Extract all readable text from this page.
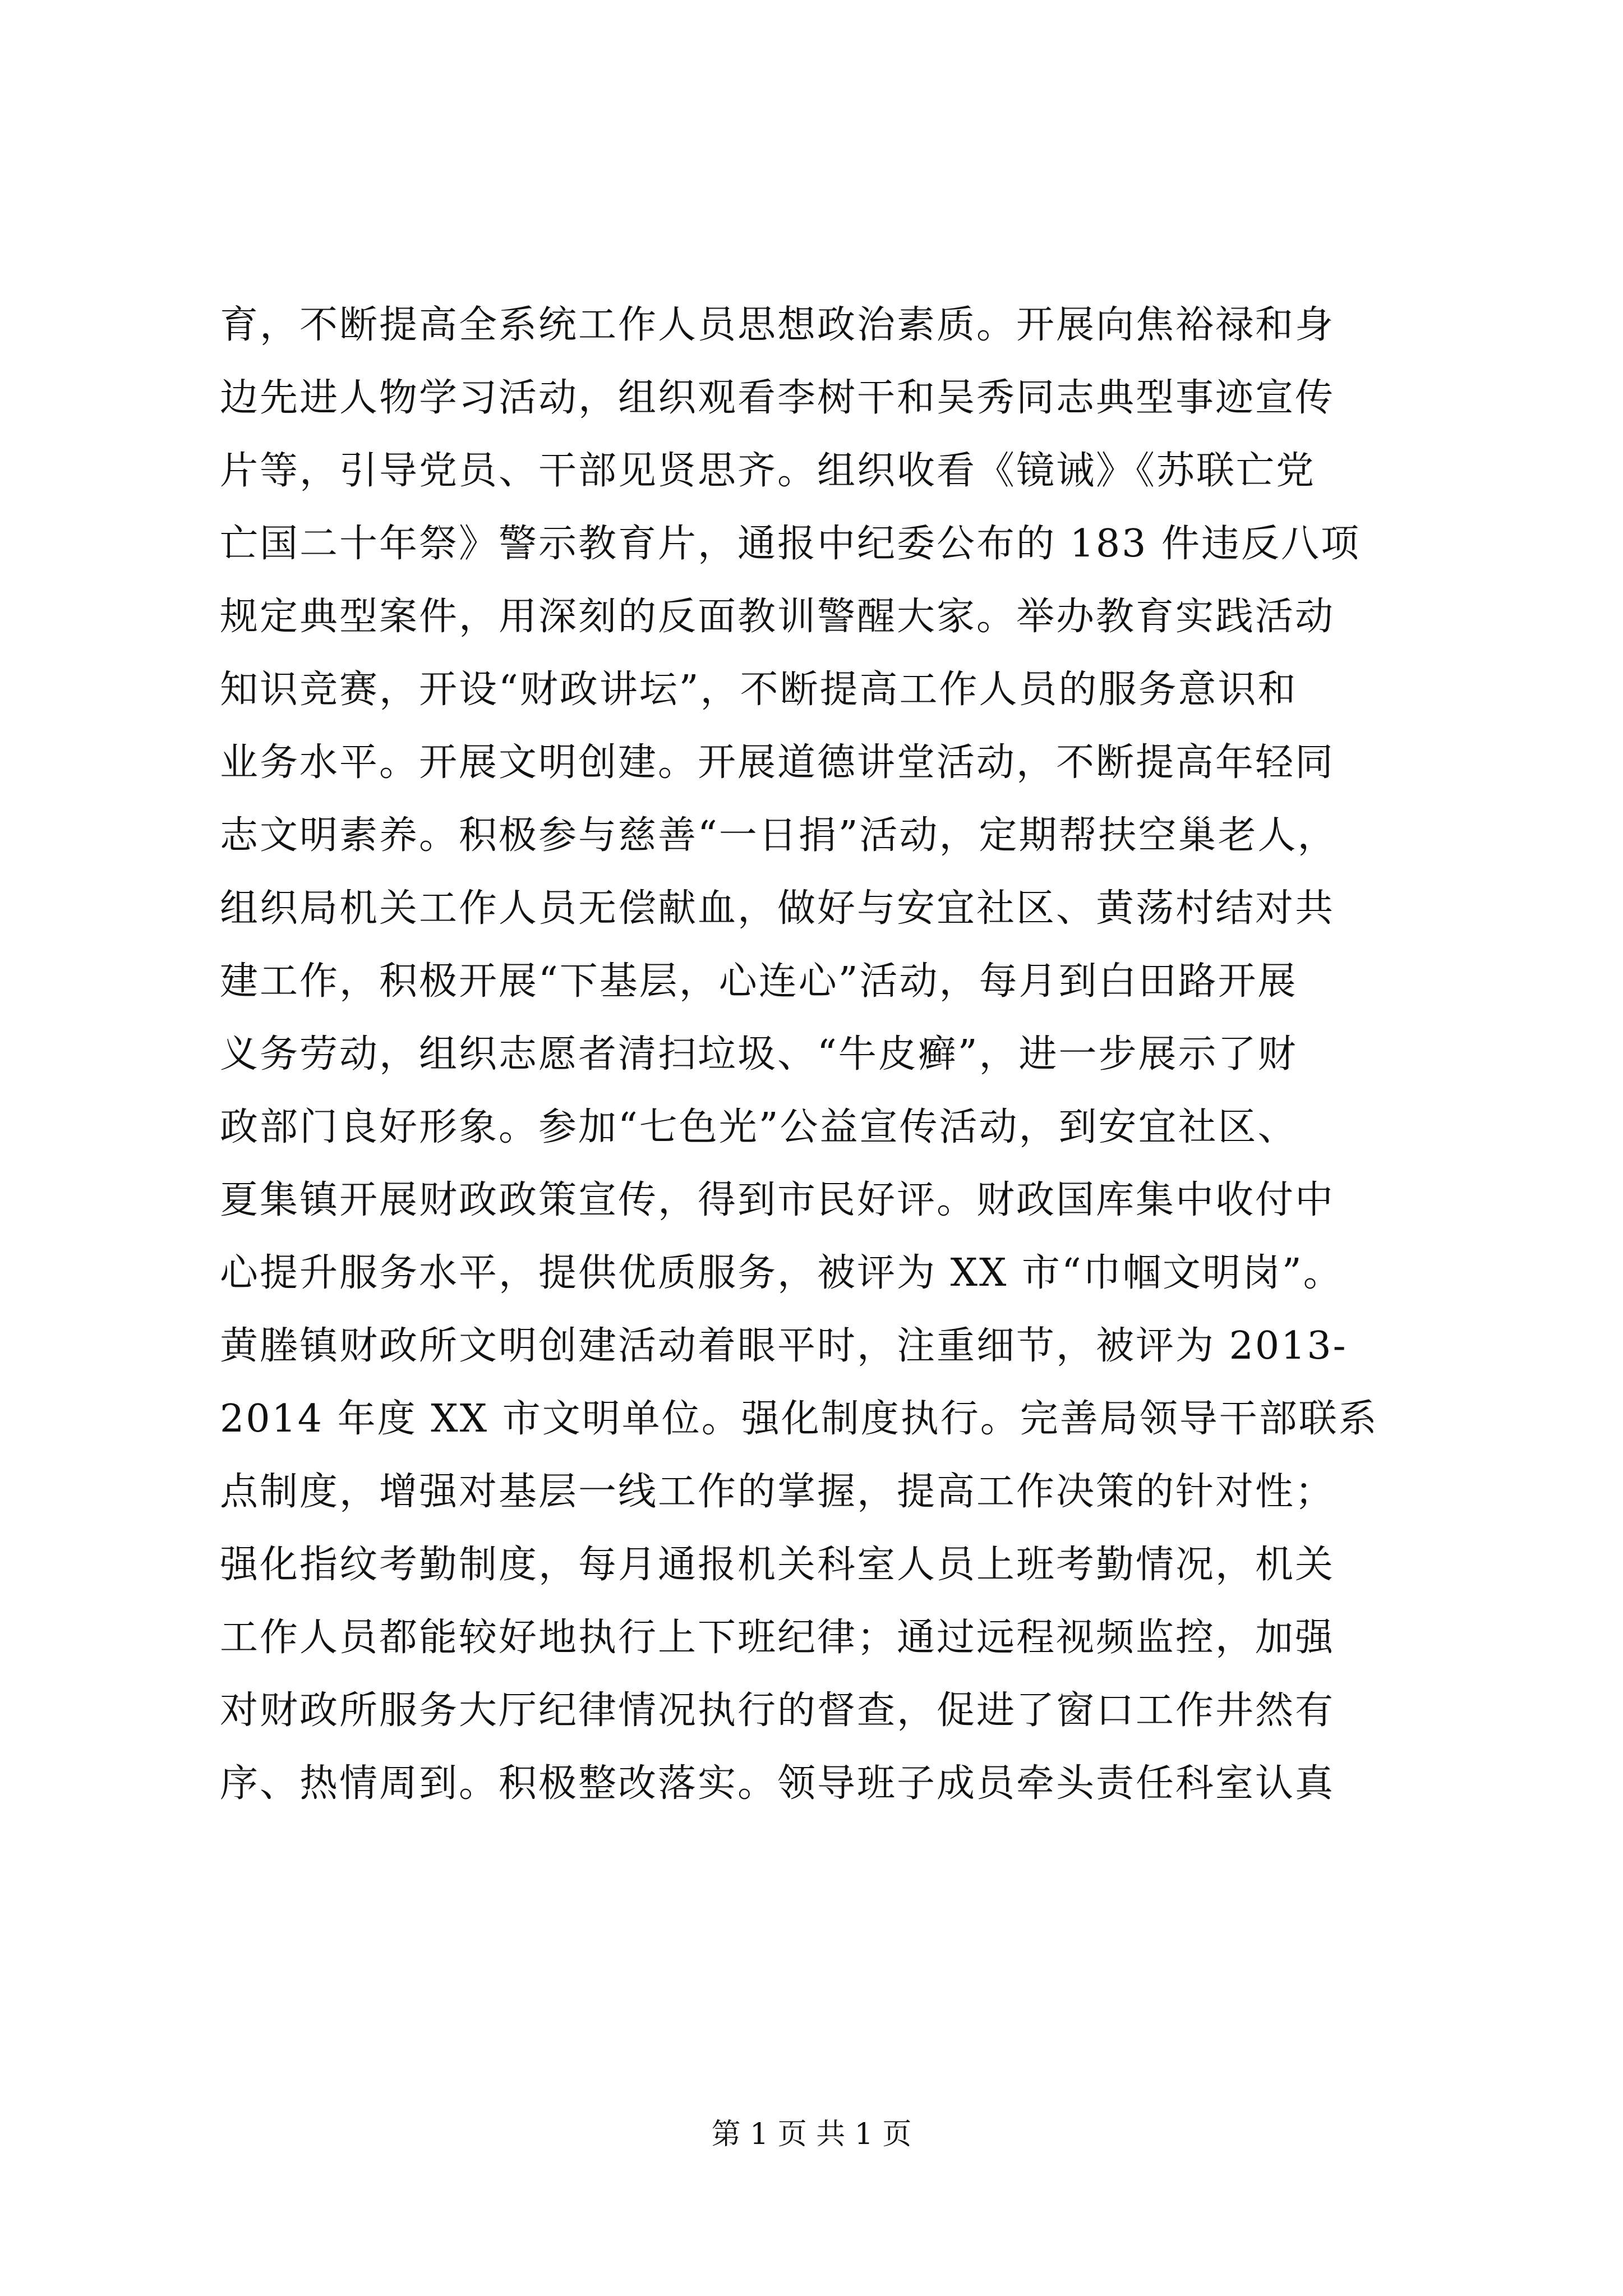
育，不断提高全系统工作人员思想政治素质。开展向焦裕禄和身
边先进人物学习活动，组织观看李树干和吴秀同志典型事迹宣传
片等，引导党员、干部见贤思齐。组织收看《镜诫》《苏联亡党
亡国二十年祭》警示教育片，通报中纪委公布的 183 件违反八项
规定典型案件，用深刻的反面教训警醒大家。举办教育实践活动
知识竞赛，开设“财政讲坛”，不断提高工作人员的服务意识和
业务水平。开展文明创建。开展道德讲堂活动，不断提高年轻同
志文明素养。积极参与慈善“一日捐”活动，定期帮扶空巢老人，
组织局机关工作人员无偿献血，做好与安宜社区、黄荡村结对共
建工作，积极开展“下基层，心连心”活动，每月到白田路开展
义务劳动，组织志愿者清扫垃圾、“牛皮癣”，进一步展示了财
政部门良好形象。参加“七色光”公益宣传活动，到安宜社区、
夏集镇开展财政政策宣传，得到市民好评。财政国库集中收付中
心提升服务水平，提供优质服务，被评为 XX 市“巾帼文明岗”。
黄塍镇财政所文明创建活动着眼平时，注重细节，被评为 2013-
2014 年度 XX 市文明单位。强化制度执行。完善局领导干部联系
点制度，增强对基层一线工作的掌握，提高工作决策的针对性；
强化指纹考勤制度，每月通报机关科室人员上班考勤情况，机关
工作人员都能较好地执行上下班纪律；通过远程视频监控，加强
对财政所服务大厅纪律情况执行的督查，促进了窗口工作井然有
序、热情周到。积极整改落实。领导班子成员牵头责任科室认真
第 1 页 共 1 页
